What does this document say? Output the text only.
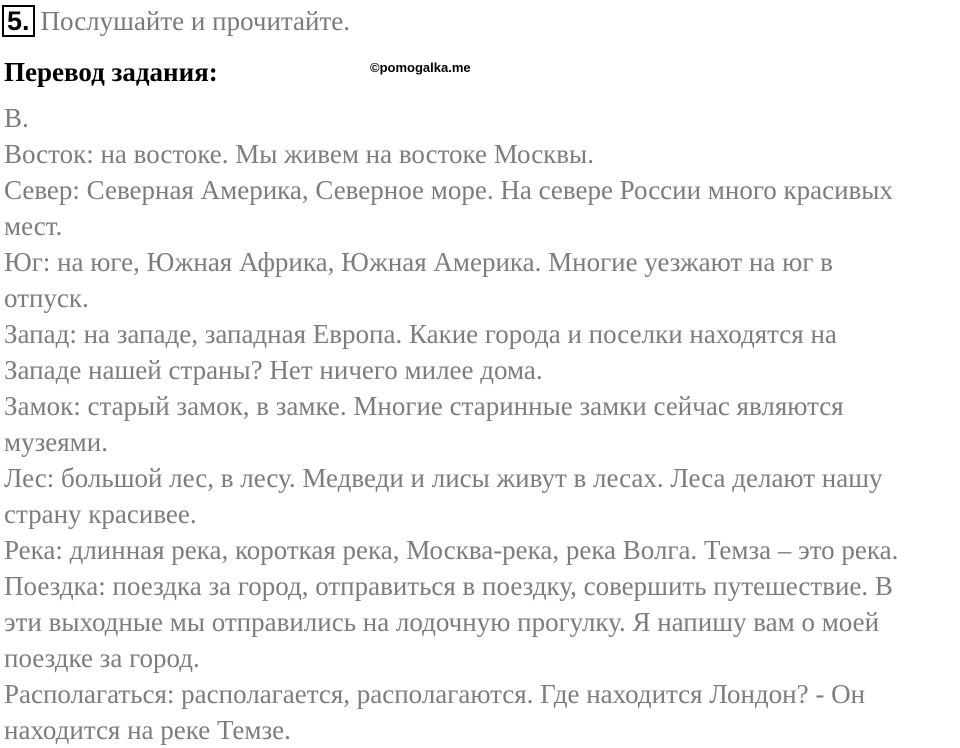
5. Послушайте и прочитайте.
Перевод задания:	©pomogalka.me
B.
Восток: на востоке. Мы живем на востоке Москвы.
Север: Северная Америка, Северное море. На севере России много красивых
мест.
Юг: на юге, Южная Африка, Южная Америка. Многие уезжают на юг в
отпуск.
Запад: на западе, западная Европа. Какие города и поселки находятся на
Западе нашей страны? Нет ничего милее дома.
Замок: старый замок, в замке. Многие старинные замки сейчас являются
музеями.
Лес: большой лес, в лесу. Медведи и лисы живут в лесах. Леса делают нашу
страну красивее.
Река: длинная река, короткая река, Москва-река, река Волга. Темза – это река.
Поездка: поездка за город, отправиться в поездку, совершить путешествие. В
эти выходные мы отправились на лодочную прогулку. Я напишу вам о моей
поездке за город.
Располагаться: располагается, располагаются. Где находится Лондон? - Он
находится на реке Темзе.
